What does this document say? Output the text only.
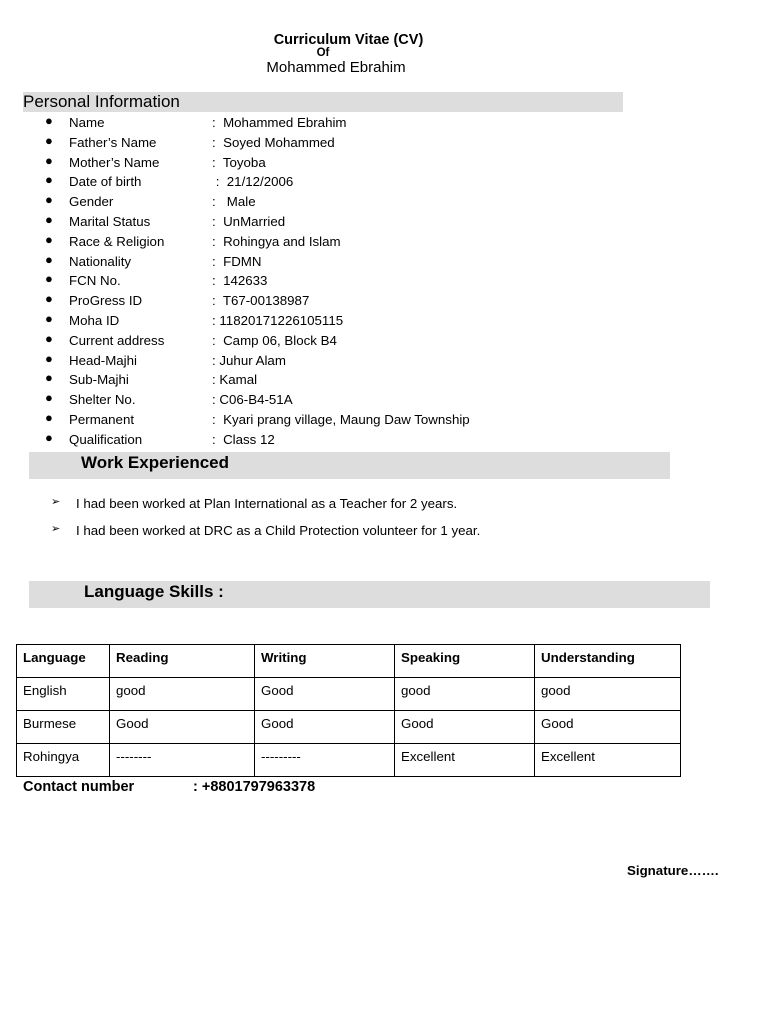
Curriculum Vitae (CV)
Of
Mohammed Ebrahim
Personal Information
● Name	:  Mohammed Ebrahim
● Father’s Name	:  Soyed Mohammed
● Mother’s Name	:  Toyoba
● Date of birth	:  21/12/2006
● Gender	:   Male
● Marital Status	:  UnMarried
● Race & Religion	:  Rohingya and Islam
● Nationality	:  FDMN
● FCN No.	:  142633
● ProGress ID	:  T67-00138987
● Moha ID	: 11820171226105115
● Current address	:  Camp 06, Block B4
● Head-Majhi	: Juhur Alam
● Sub-Majhi	: Kamal
● Shelter No.	: C06-B4-51A
● Permanent	:  Kyari prang village, Maung Daw Township
● Qualification	:  Class 12
Work Experienced
➢ I had been worked at Plan International as a Teacher for 2 years.
➢ I had been worked at DRC as a Child Protection volunteer for 1 year.
Language Skills :
Language	Reading	Writing	Speaking	Understanding
English	good	Good	good	good
Burmese	Good	Good	Good	Good
Rohingya	--------	---------	Excellent	Excellent
Contact number	: +8801797963378
Signature…….
